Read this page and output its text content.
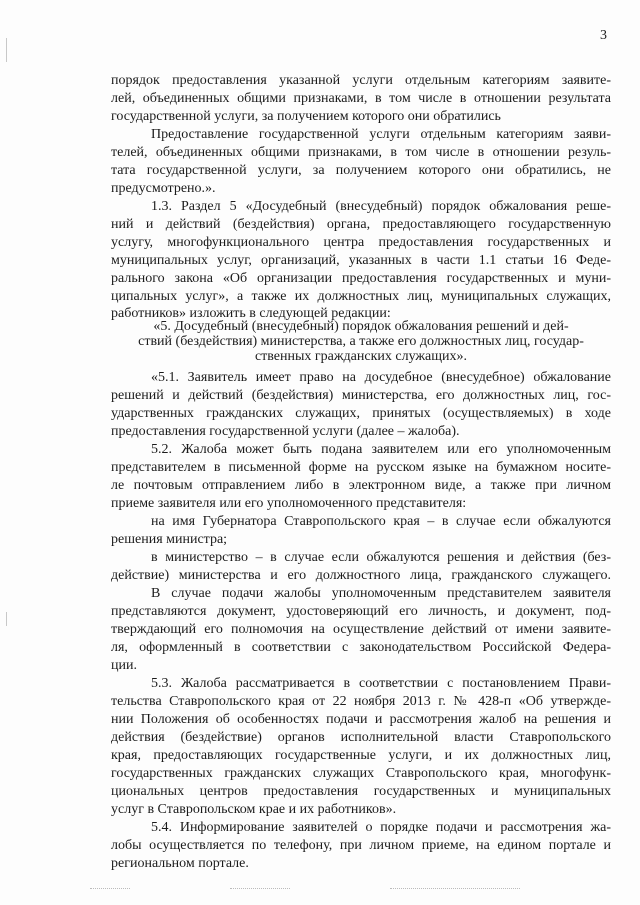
3
порядок предоставления указанной услуги отдельным категориям заявите-
лей, объединенных общими признаками, в том числе в отношении результата
государственной услуги, за получением которого они обратились
Предоставление государственной услуги отдельным категориям заяви-
телей, объединенных общими признаками, в том числе в отношении резуль-
тата государственной услуги, за получением которого они обратились, не
предусмотрено.».
1.3. Раздел 5 «Досудебный (внесудебный) порядок обжалования реше-
ний и действий (бездействия) органа, предоставляющего государственную
услугу, многофункционального центра предоставления государственных и
муниципальных услуг, организаций, указанных в части 1.1 статьи 16 Феде-
рального закона «Об организации предоставления государственных и муни-
ципальных услуг», а также их должностных лиц, муниципальных служащих,
работников» изложить в следующей редакции:
«5. Досудебный (внесудебный) порядок обжалования решений и дей-
ствий (бездействия) министерства, а также его должностных лиц, государ-
ственных гражданских служащих».
«5.1. Заявитель имеет право на досудебное (внесудебное) обжалование
решений и действий (бездействия) министерства, его должностных лиц, гос-
ударственных гражданских служащих, принятых (осуществляемых) в ходе
предоставления государственной услуги (далее – жалоба).
5.2. Жалоба может быть подана заявителем или его уполномоченным
представителем в письменной форме на русском языке на бумажном носите-
ле почтовым отправлением либо в электронном виде, а также при личном
приеме заявителя или его уполномоченного представителя:
на имя Губернатора Ставропольского края – в случае если обжалуются
решения министра;
в министерство – в случае если обжалуются решения и действия (без-
действие) министерства и его должностного лица, гражданского служащего.
В случае подачи жалобы уполномоченным представителем заявителя
представляются документ, удостоверяющий его личность, и документ, под-
тверждающий его полномочия на осуществление действий от имени заявите-
ля, оформленный в соответствии с законодательством Российской Федера-
ции.
5.3. Жалоба рассматривается в соответствии с постановлением Прави-
тельства Ставропольского края от 22 ноября 2013 г. № 428-п «Об утвержде-
нии Положения об особенностях подачи и рассмотрения жалоб на решения и
действия (бездействие) органов исполнительной власти Ставропольского
края, предоставляющих государственные услуги, и их должностных лиц,
государственных гражданских служащих Ставропольского края, многофунк-
циональных центров предоставления государственных и муниципальных
услуг в Ставропольском крае и их работников».
5.4. Информирование заявителей о порядке подачи и рассмотрения жа-
лобы осуществляется по телефону, при личном приеме, на едином портале и
региональном портале.
